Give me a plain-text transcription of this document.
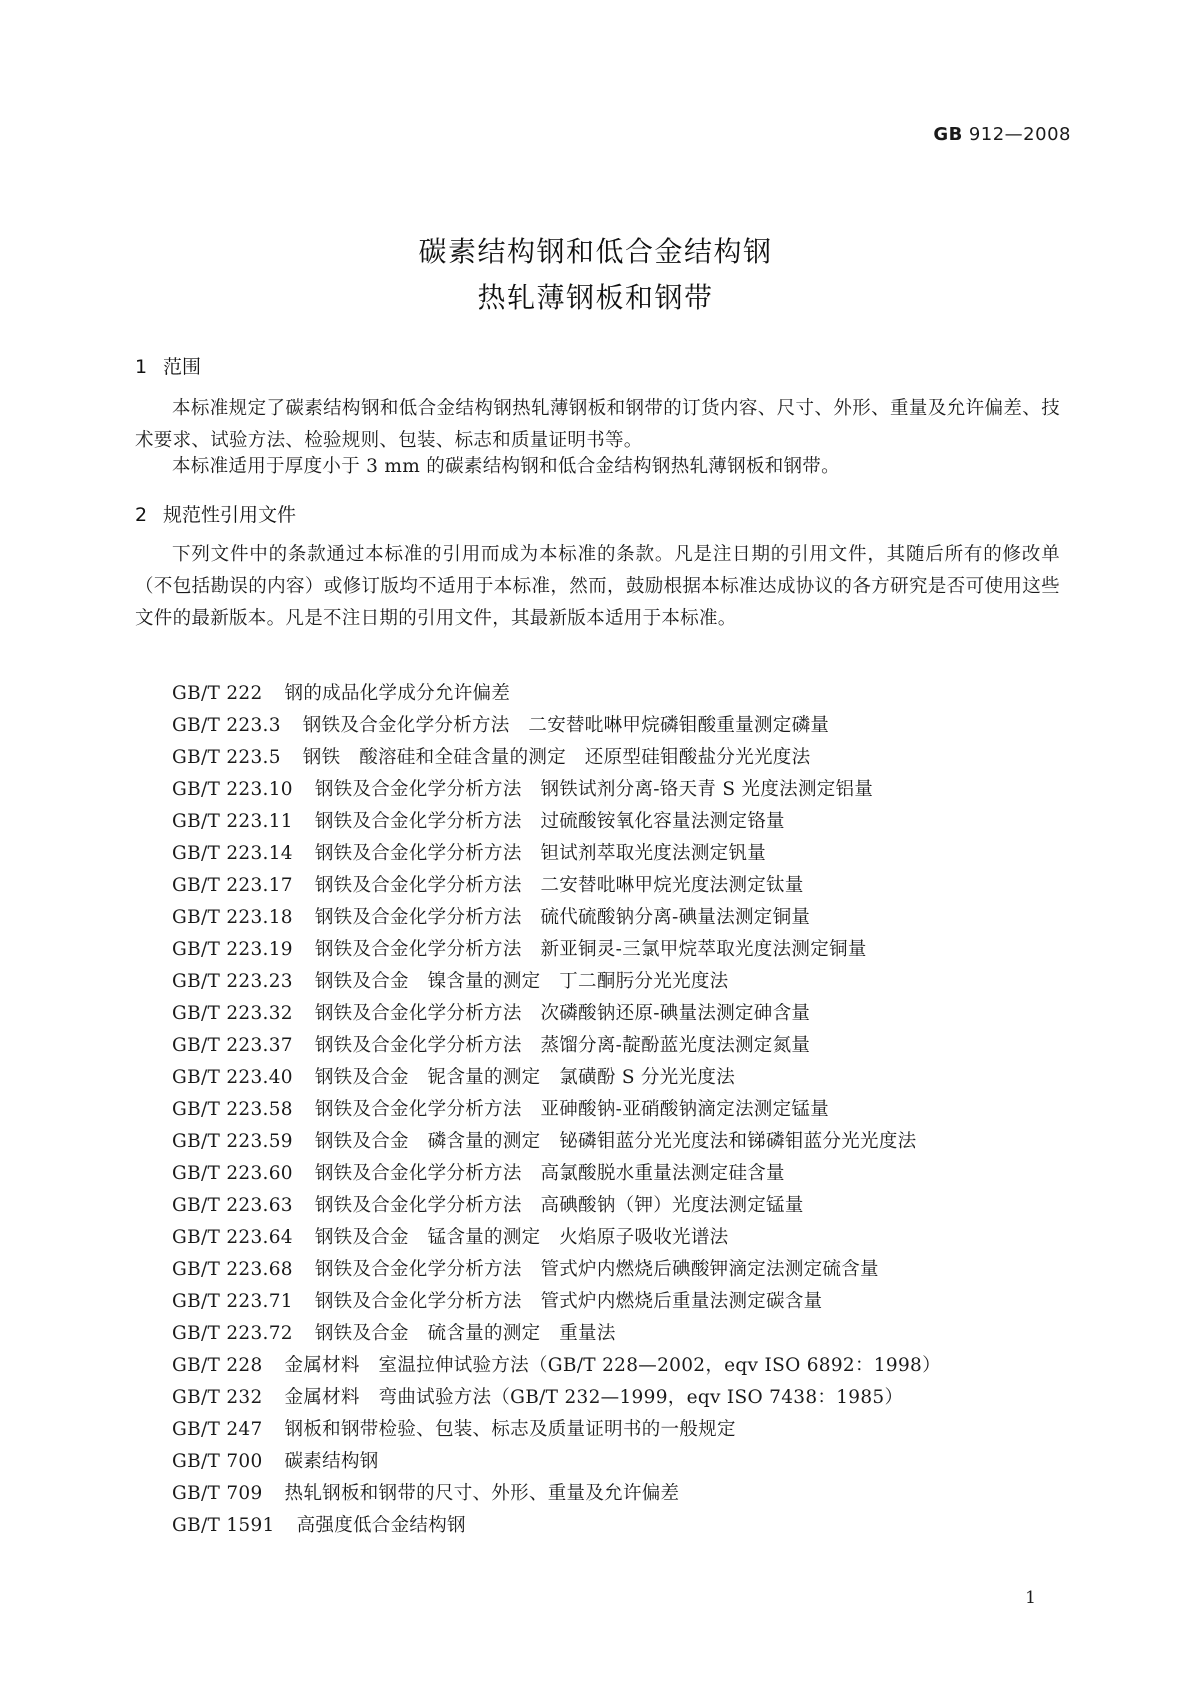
GB 912—2008
碳素结构钢和低合金结构钢
热轧薄钢板和钢带
1 范围
本标准规定了碳素结构钢和低合金结构钢热轧薄钢板和钢带的订货内容、尺寸、外形、重量及允许偏差、技术要求、试验方法、检验规则、包装、标志和质量证明书等。
本标准适用于厚度小于 3 mm 的碳素结构钢和低合金结构钢热轧薄钢板和钢带。
2 规范性引用文件
下列文件中的条款通过本标准的引用而成为本标准的条款。凡是注日期的引用文件，其随后所有的修改单（不包括勘误的内容）或修订版均不适用于本标准，然而，鼓励根据本标准达成协议的各方研究是否可使用这些文件的最新版本。凡是不注日期的引用文件，其最新版本适用于本标准。
GB/T 222 钢的成品化学成分允许偏差
GB/T 223.3 钢铁及合金化学分析方法　二安替吡啉甲烷磷钼酸重量测定磷量
GB/T 223.5 钢铁　酸溶硅和全硅含量的测定　还原型硅钼酸盐分光光度法
GB/T 223.10 钢铁及合金化学分析方法　钢铁试剂分离-铬天青 S 光度法测定铝量
GB/T 223.11 钢铁及合金化学分析方法　过硫酸铵氧化容量法测定铬量
GB/T 223.14 钢铁及合金化学分析方法　钽试剂萃取光度法测定钒量
GB/T 223.17 钢铁及合金化学分析方法　二安替吡啉甲烷光度法测定钛量
GB/T 223.18 钢铁及合金化学分析方法　硫代硫酸钠分离-碘量法测定铜量
GB/T 223.19 钢铁及合金化学分析方法　新亚铜灵-三氯甲烷萃取光度法测定铜量
GB/T 223.23 钢铁及合金　镍含量的测定　丁二酮肟分光光度法
GB/T 223.32 钢铁及合金化学分析方法　次磷酸钠还原-碘量法测定砷含量
GB/T 223.37 钢铁及合金化学分析方法　蒸馏分离-靛酚蓝光度法测定氮量
GB/T 223.40 钢铁及合金　铌含量的测定　氯磺酚 S 分光光度法
GB/T 223.58 钢铁及合金化学分析方法　亚砷酸钠-亚硝酸钠滴定法测定锰量
GB/T 223.59 钢铁及合金　磷含量的测定　铋磷钼蓝分光光度法和锑磷钼蓝分光光度法
GB/T 223.60 钢铁及合金化学分析方法　高氯酸脱水重量法测定硅含量
GB/T 223.63 钢铁及合金化学分析方法　高碘酸钠（钾）光度法测定锰量
GB/T 223.64 钢铁及合金　锰含量的测定　火焰原子吸收光谱法
GB/T 223.68 钢铁及合金化学分析方法　管式炉内燃烧后碘酸钾滴定法测定硫含量
GB/T 223.71 钢铁及合金化学分析方法　管式炉内燃烧后重量法测定碳含量
GB/T 223.72 钢铁及合金　硫含量的测定　重量法
GB/T 228 金属材料　室温拉伸试验方法（GB/T 228—2002，eqv ISO 6892：1998）
GB/T 232 金属材料　弯曲试验方法（GB/T 232—1999，eqv ISO 7438：1985）
GB/T 247 钢板和钢带检验、包装、标志及质量证明书的一般规定
GB/T 700 碳素结构钢
GB/T 709 热轧钢板和钢带的尺寸、外形、重量及允许偏差
GB/T 1591 高强度低合金结构钢
1
